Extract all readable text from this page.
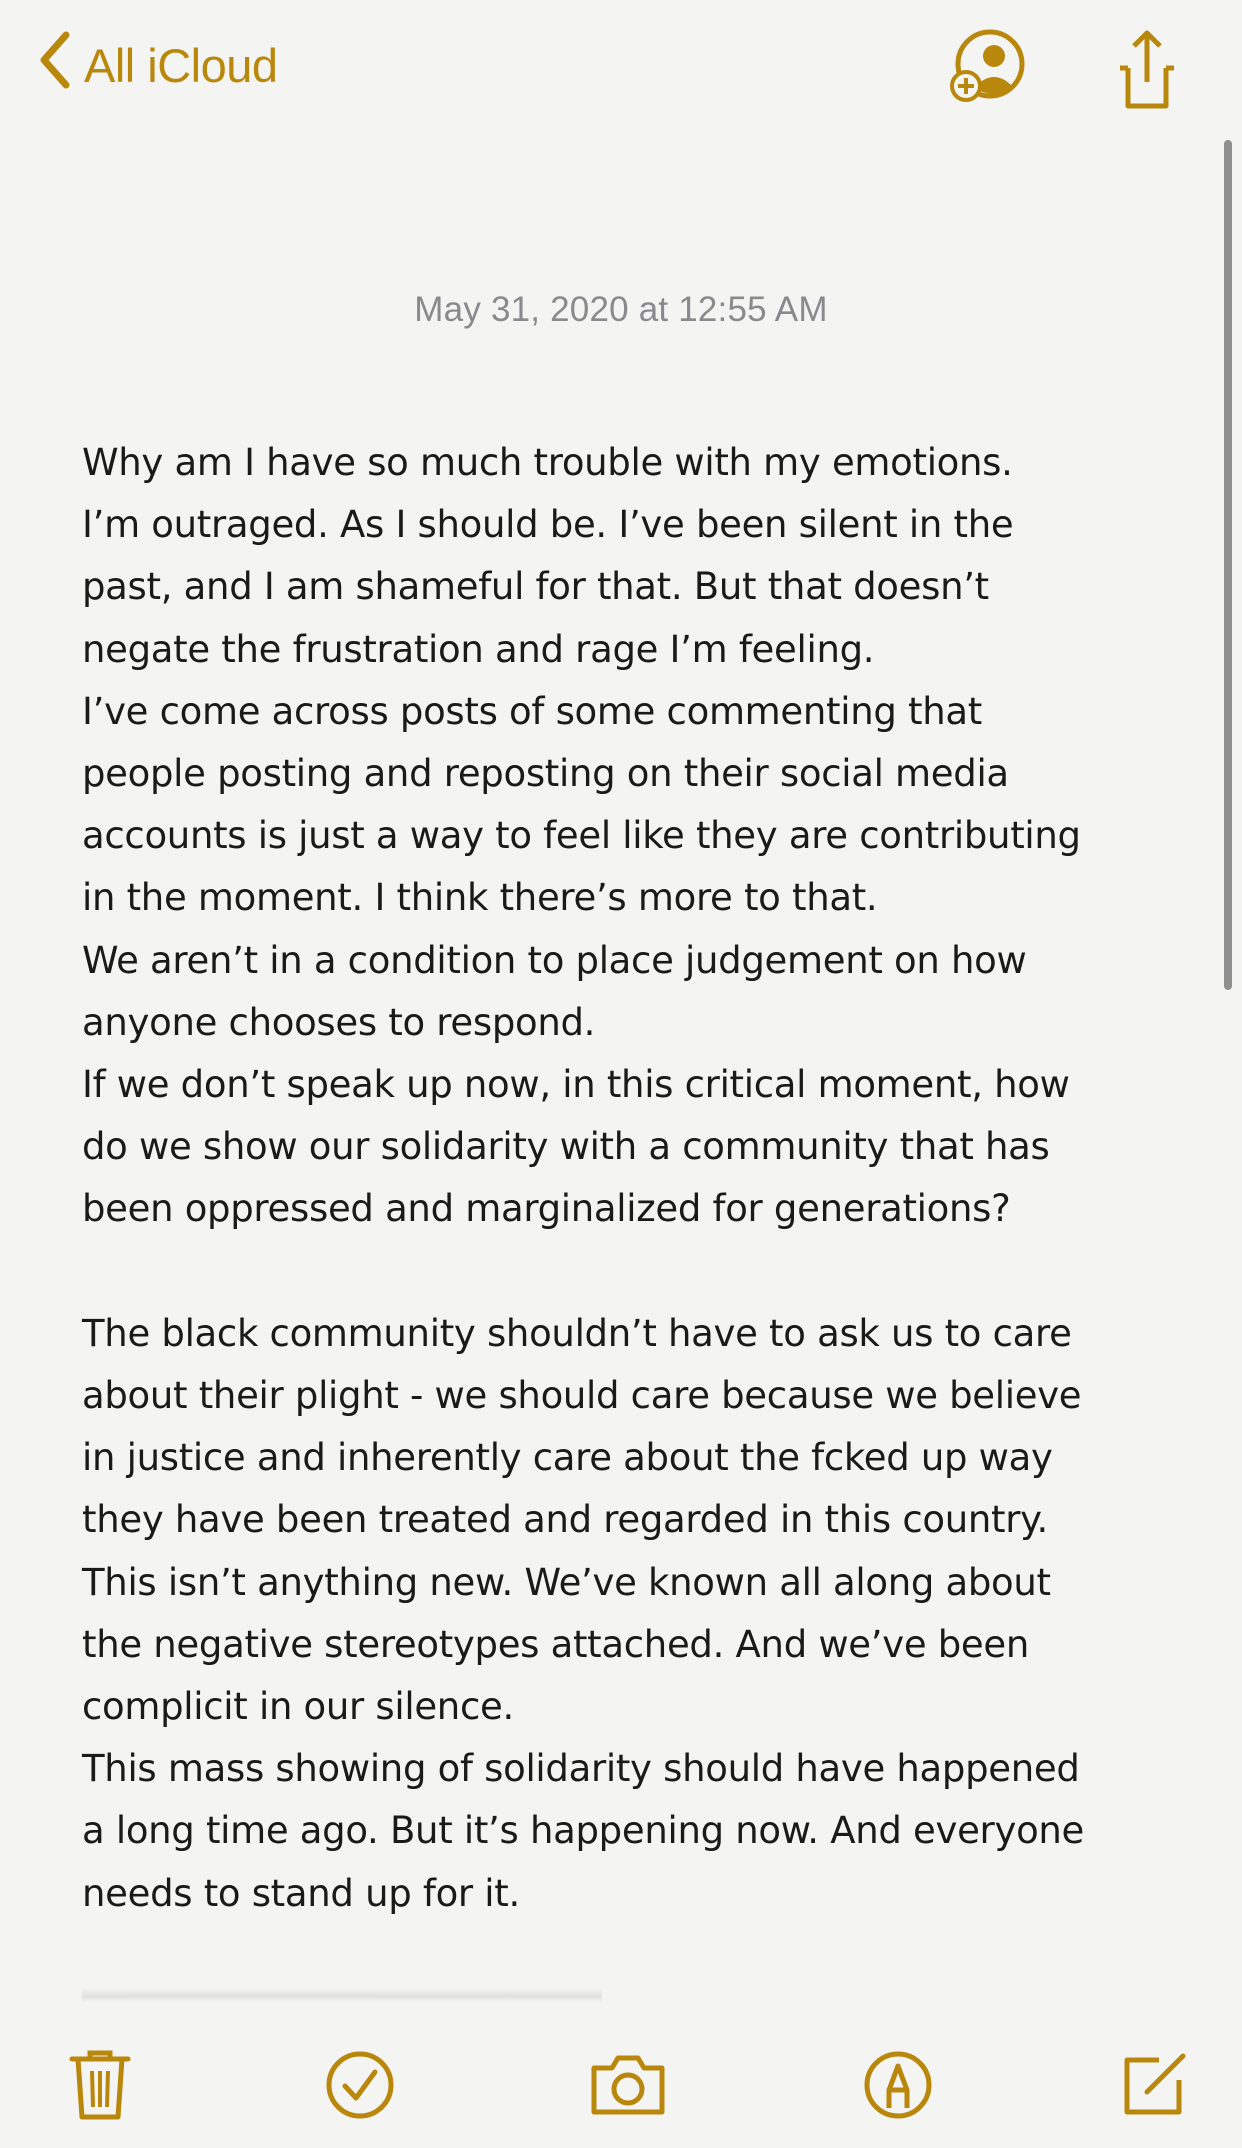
All iCloud
May 31, 2020 at 12:55 AM
Why am I have so much trouble with my emotions.
I’m outraged. As I should be. I’ve been silent in the
past, and I am shameful for that. But that doesn’t
negate the frustration and rage I’m feeling.
I’ve come across posts of some commenting that
people posting and reposting on their social media
accounts is just a way to feel like they are contributing
in the moment. I think there’s more to that.
We aren’t in a condition to place judgement on how
anyone chooses to respond.
If we don’t speak up now, in this critical moment, how
do we show our solidarity with a community that has
been oppressed and marginalized for generations?
The black community shouldn’t have to ask us to care
about their plight - we should care because we believe
in justice and inherently care about the fcked up way
they have been treated and regarded in this country.
This isn’t anything new. We’ve known all along about
the negative stereotypes attached. And we’ve been
complicit in our silence.
This mass showing of solidarity should have happened
a long time ago. But it’s happening now. And everyone
needs to stand up for it.
